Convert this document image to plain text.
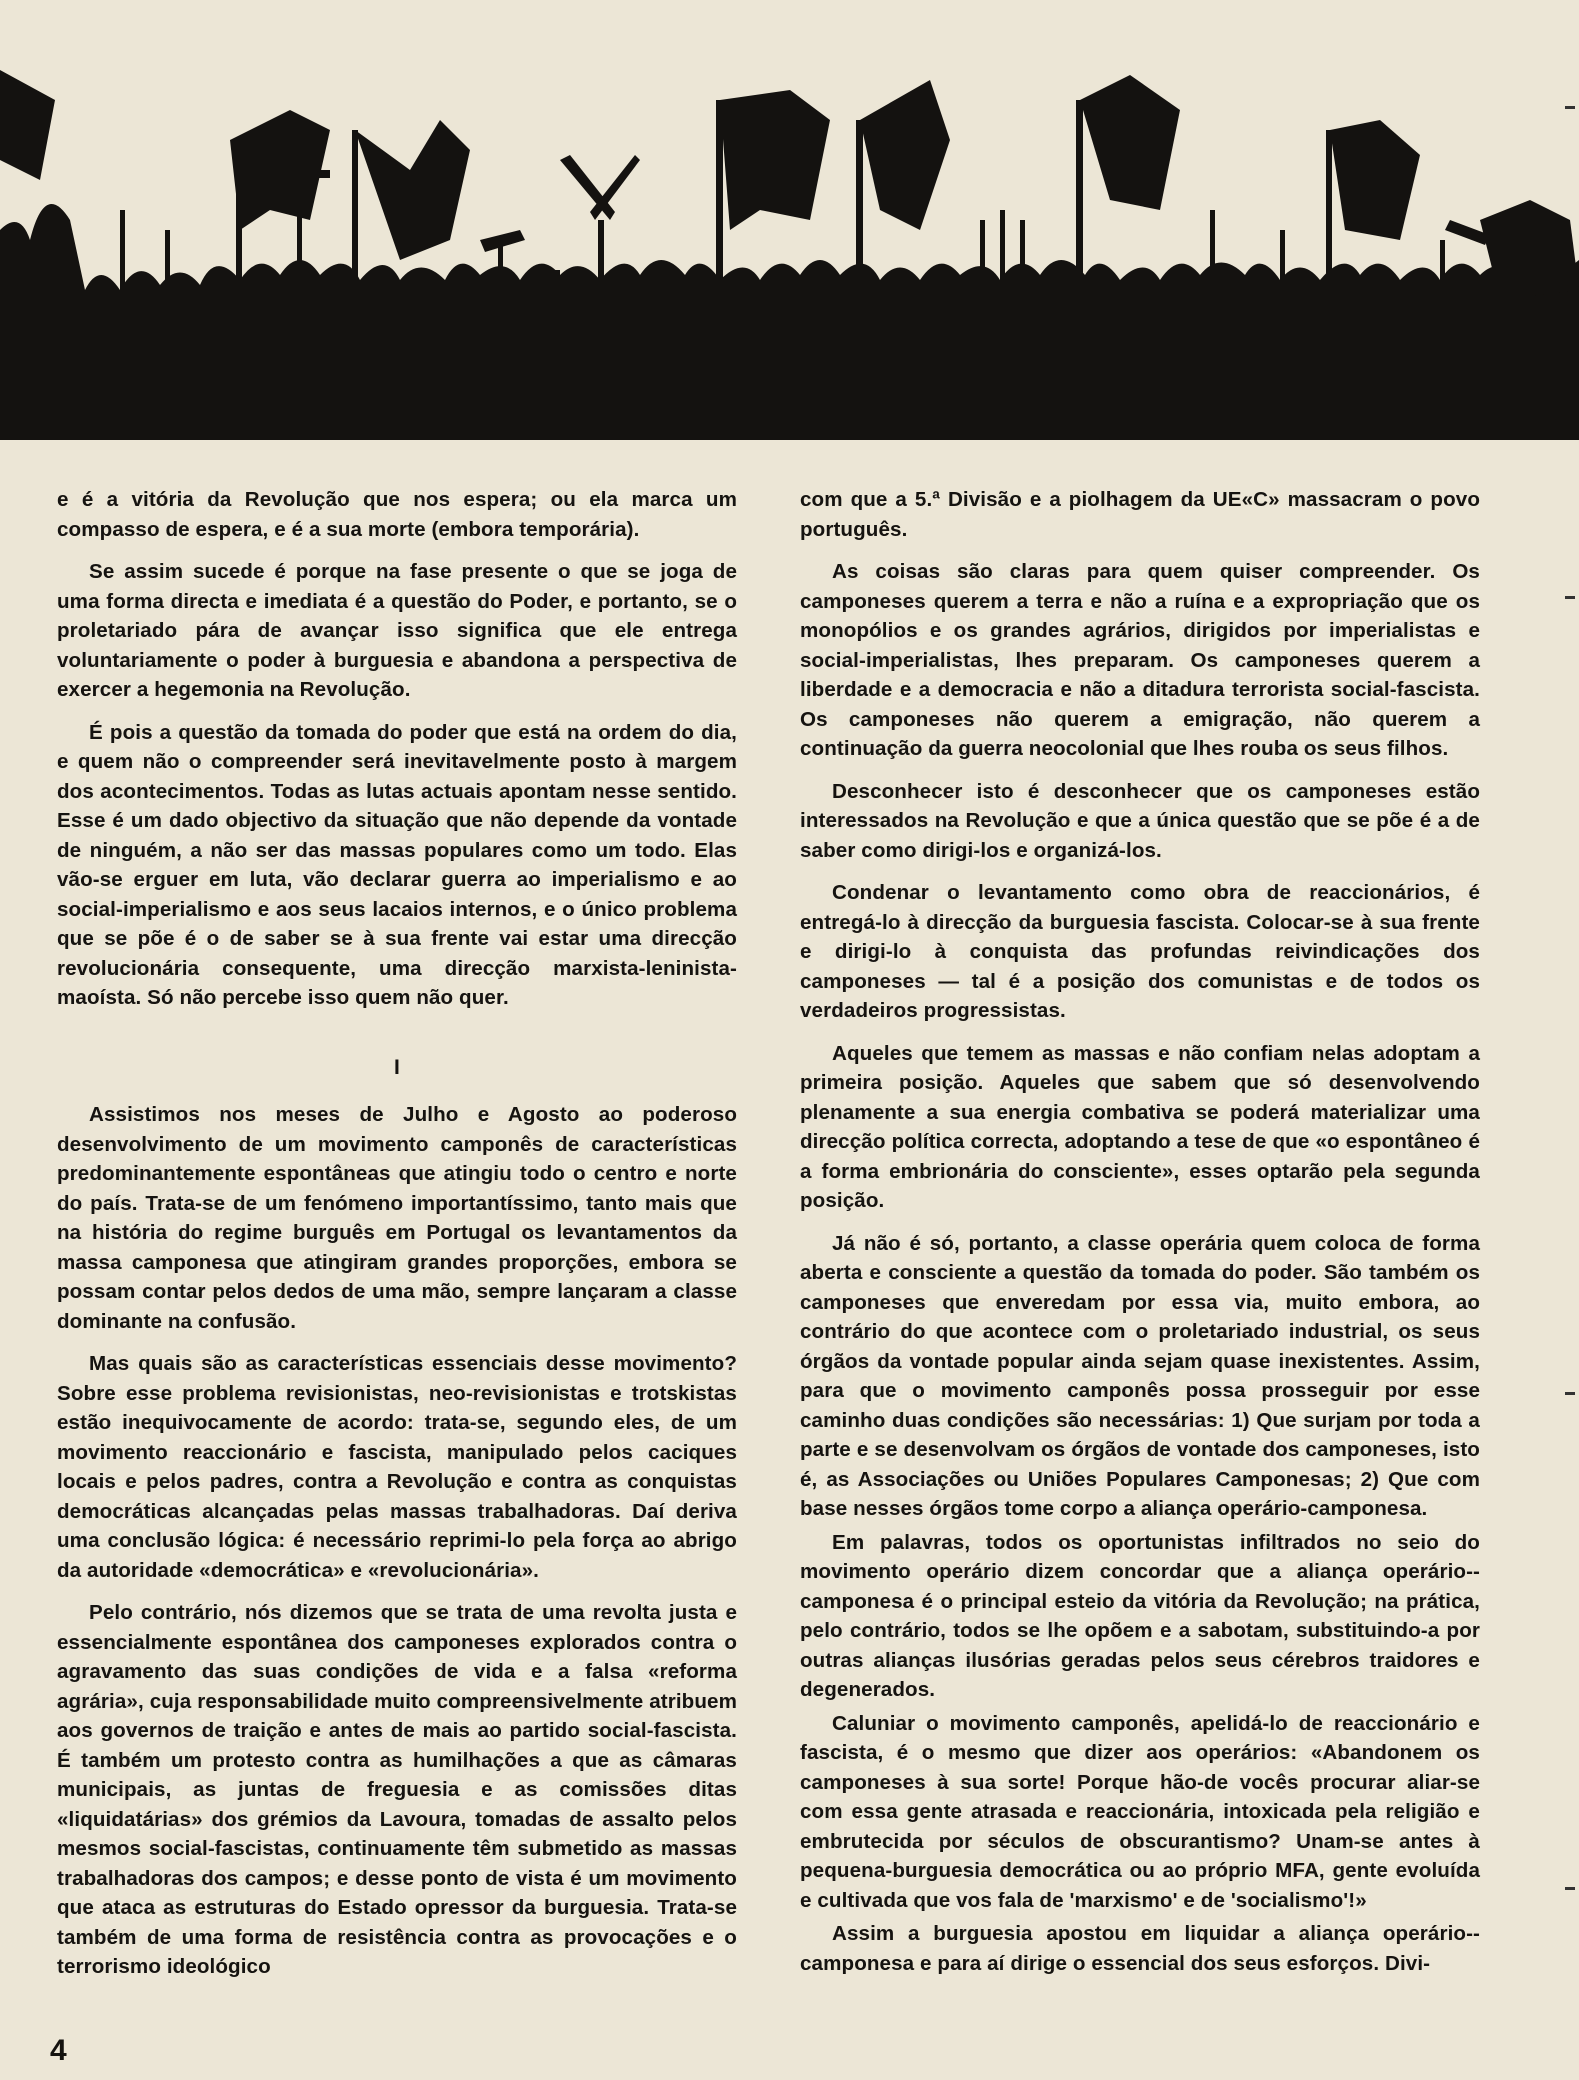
e é a vitória da Revolução que nos espera; ou ela marca um compasso de espera, e é a sua morte (embora temporária).

Se assim sucede é porque na fase presente o que se joga de uma forma directa e imediata é a questão do Poder, e portanto, se o proletariado pára de avançar isso significa que ele entrega voluntariamente o poder à burguesia e abandona a perspectiva de exercer a hegemonia na Revolução.

É pois a questão da tomada do poder que está na ordem do dia, e quem não o compreender será inevitavelmente posto à margem dos acontecimentos. Todas as lutas actuais apontam nesse sentido. Esse é um dado objectivo da situação que não depende da vontade de ninguém, a não ser das massas populares como um todo. Elas vão-se erguer em luta, vão declarar guerra ao imperialismo e ao social-imperialismo e aos seus lacaios internos, e o único problema que se põe é o de saber se à sua frente vai estar uma direcção revolucionária consequente, uma direcção marxista-leninista-maoísta. Só não percebe isso quem não quer.

I

Assistimos nos meses de Julho e Agosto ao poderoso desenvolvimento de um movimento camponês de características predominantemente espontâneas que atingiu todo o centro e norte do país. Trata-se de um fenómeno importantíssimo, tanto mais que na história do regime burguês em Portugal os levantamentos da massa camponesa que atingiram grandes proporções, embora se possam contar pelos dedos de uma mão, sempre lançaram a classe dominante na confusão.

Mas quais são as características essenciais desse movimento? Sobre esse problema revisionistas, neo-revisionistas e trotskistas estão inequivocamente de acordo: trata-se, segundo eles, de um movimento reaccionário e fascista, manipulado pelos caciques locais e pelos padres, contra a Revolução e contra as conquistas democráticas alcançadas pelas massas trabalhadoras. Daí deriva uma conclusão lógica: é necessário reprimi-lo pela força ao abrigo da autoridade «democrática» e «revolucionária».

Pelo contrário, nós dizemos que se trata de uma revolta justa e essencialmente espontânea dos camponeses explorados contra o agravamento das suas condições de vida e a falsa «reforma agrária», cuja responsabilidade muito compreensivelmente atribuem aos governos de traição e antes de mais ao partido social-fascista. É também um protesto contra as humilhações a que as câmaras municipais, as juntas de freguesia e as comissões ditas «liquidatárias» dos grémios da Lavoura, tomadas de assalto pelos mesmos social-fascistas, continuamente têm submetido as massas trabalhadoras dos campos; e desse ponto de vista é um movimento que ataca as estruturas do Estado opressor da burguesia. Trata-se também de uma forma de resistência contra as provocações e o terrorismo ideológico

com que a 5.ª Divisão e a piolhagem da UE«C» massacram o povo português.

As coisas são claras para quem quiser compreender. Os camponeses querem a terra e não a ruína e a expropriação que os monopólios e os grandes agrários, dirigidos por imperialistas e social-imperialistas, lhes preparam. Os camponeses querem a liberdade e a democracia e não a ditadura terrorista social-fascista. Os camponeses não querem a emigração, não querem a continuação da guerra neocolonial que lhes rouba os seus filhos.

Desconhecer isto é desconhecer que os camponeses estão interessados na Revolução e que a única questão que se põe é a de saber como dirigi-los e organizá-los.

Condenar o levantamento como obra de reaccionários, é entregá-lo à direcção da burguesia fascista. Colocar-se à sua frente e dirigi-lo à conquista das profundas reivindicações dos camponeses — tal é a posição dos comunistas e de todos os verdadeiros progressistas.

Aqueles que temem as massas e não confiam nelas adoptam a primeira posição. Aqueles que sabem que só desenvolvendo plenamente a sua energia combativa se poderá materializar uma direcção política correcta, adoptando a tese de que «o espontâneo é a forma embrionária do consciente», esses optarão pela segunda posição.

Já não é só, portanto, a classe operária quem coloca de forma aberta e consciente a questão da tomada do poder. São também os camponeses que enveredam por essa via, muito embora, ao contrário do que acontece com o proletariado industrial, os seus órgãos da vontade popular ainda sejam quase inexistentes. Assim, para que o movimento camponês possa prosseguir por esse caminho duas condições são necessárias: 1) Que surjam por toda a parte e se desenvolvam os órgãos de vontade dos camponeses, isto é, as Associações ou Uniões Populares Camponesas; 2) Que com base nesses órgãos tome corpo a aliança operário-camponesa.

Em palavras, todos os oportunistas infiltrados no seio do movimento operário dizem concordar que a aliança operário--camponesa é o principal esteio da vitória da Revolução; na prática, pelo contrário, todos se lhe opõem e a sabotam, substituindo-a por outras alianças ilusórias geradas pelos seus cérebros traidores e degenerados.

Caluniar o movimento camponês, apelidá-lo de reaccionário e fascista, é o mesmo que dizer aos operários: «Abandonem os camponeses à sua sorte! Porque hão-de vocês procurar aliar-se com essa gente atrasada e reaccionária, intoxicada pela religião e embrutecida por séculos de obscurantismo? Unam-se antes à pequena-burguesia democrática ou ao próprio MFA, gente evoluída e cultivada que vos fala de 'marxismo' e de 'socialismo'!»

Assim a burguesia apostou em liquidar a aliança operário--camponesa e para aí dirige o essencial dos seus esforços. Divi-

4
